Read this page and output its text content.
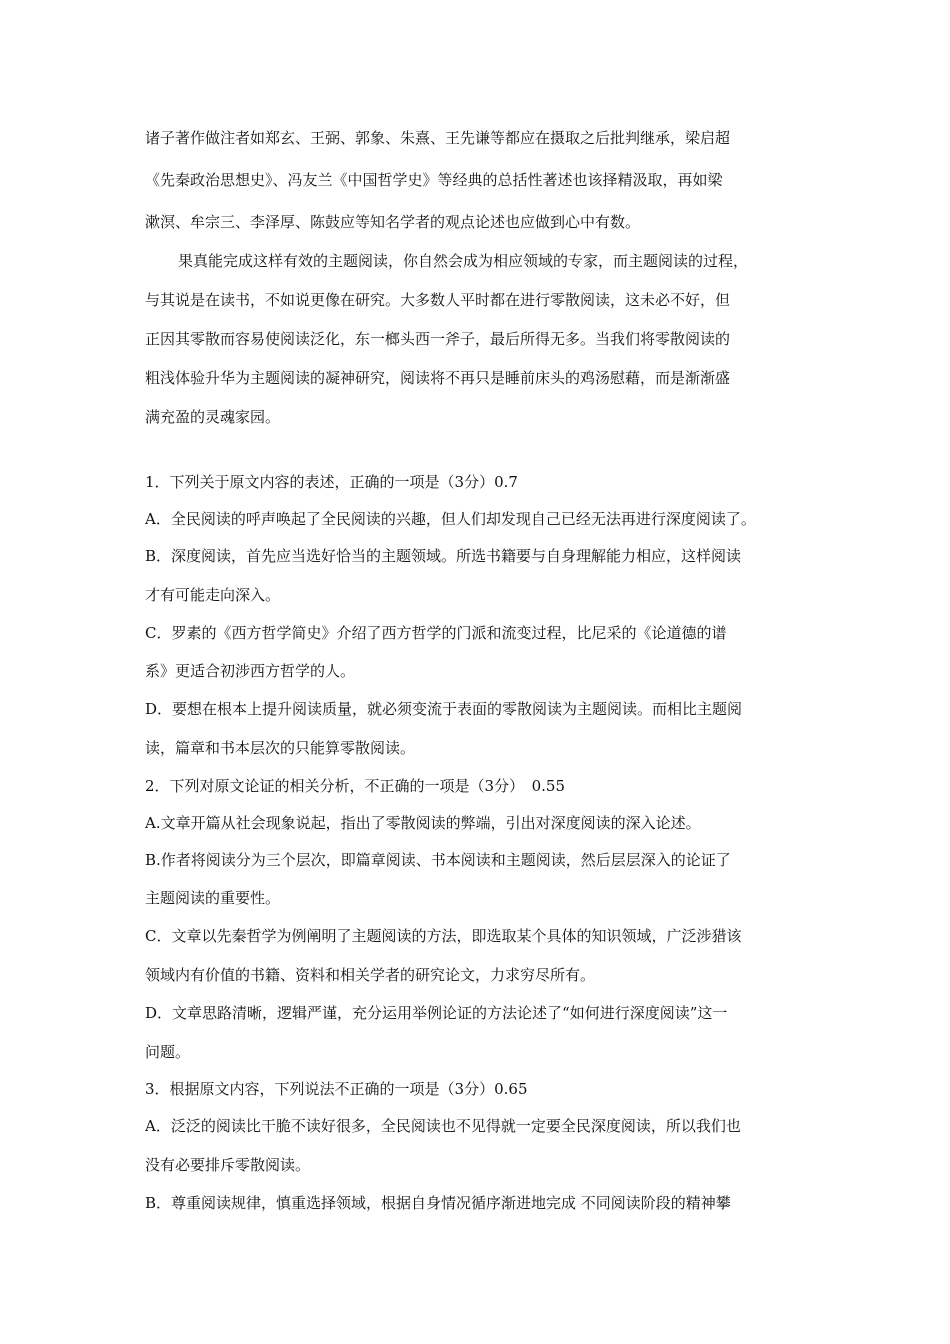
诸子著作做注者如郑玄、王弼、郭象、朱熹、王先谦等都应在摄取之后批判继承，梁启超
《先秦政治思想史》、冯友兰《中国哲学史》等经典的总括性著述也该择精汲取，再如梁
漱溟、牟宗三、李泽厚、陈鼓应等知名学者的观点论述也应做到心中有数。
果真能完成这样有效的主题阅读，你自然会成为相应领域的专家，而主题阅读的过程，
与其说是在读书，不如说更像在研究。大多数人平时都在进行零散阅读，这未必不好，但
正因其零散而容易使阅读泛化，东一榔头西一斧子，最后所得无多。当我们将零散阅读的
粗浅体验升华为主题阅读的凝神研究，阅读将不再只是睡前床头的鸡汤慰藉，而是渐渐盛
满充盈的灵魂家园。
1．下列关于原文内容的表述，正确的一项是（3分）0.7
A．全民阅读的呼声唤起了全民阅读的兴趣，但人们却发现自己已经无法再进行深度阅读了。
B．深度阅读，首先应当选好恰当的主题领域。所选书籍要与自身理解能力相应，这样阅读
才有可能走向深入。
C．罗素的《西方哲学简史》介绍了西方哲学的门派和流变过程，比尼采的《论道德的谱
系》更适合初涉西方哲学的人。
D．要想在根本上提升阅读质量，就必须变流于表面的零散阅读为主题阅读。而相比主题阅
读，篇章和书本层次的只能算零散阅读。
2．下列对原文论证的相关分析，不正确的一项是（3分）　0.55
A.文章开篇从社会现象说起，指出了零散阅读的弊端，引出对深度阅读的深入论述。
B.作者将阅读分为三个层次，即篇章阅读、书本阅读和主题阅读，然后层层深入的论证了
主题阅读的重要性。
C．文章以先秦哲学为例阐明了主题阅读的方法，即选取某个具体的知识领域，广泛涉猎该
领域内有价值的书籍、资料和相关学者的研究论文，力求穷尽所有。
D．文章思路清晰，逻辑严谨，充分运用举例论证的方法论述了“如何进行深度阅读”这一
问题。
3．根据原文内容，下列说法不正确的一项是（3分）0.65
A．泛泛的阅读比干脆不读好很多，全民阅读也不见得就一定要全民深度阅读，所以我们也
没有必要排斥零散阅读。
B．尊重阅读规律，慎重选择领域，根据自身情况循序渐进地完成 不同阅读阶段的精神攀
